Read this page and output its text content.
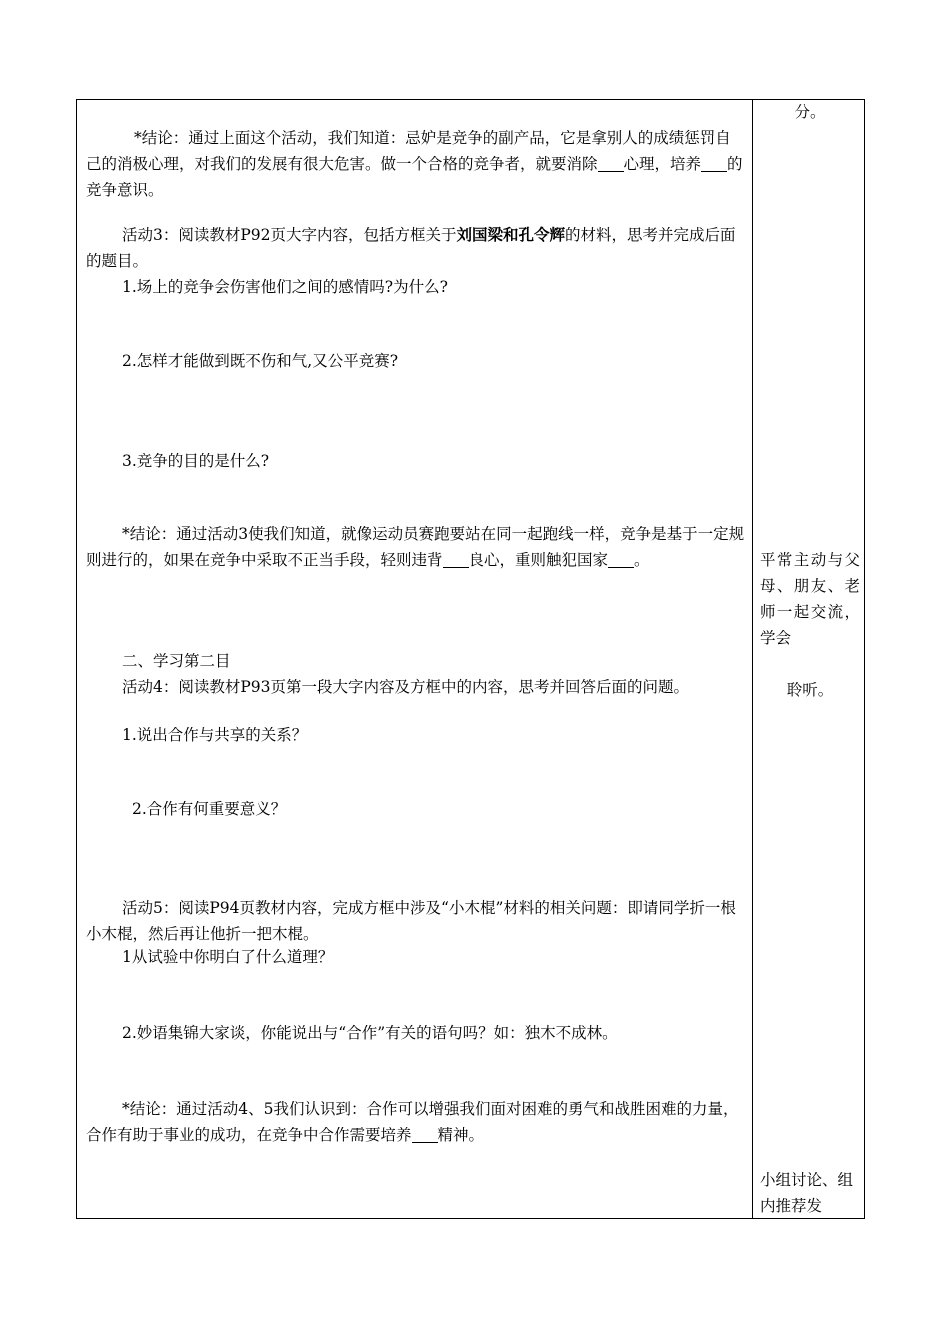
*结论：通过上面这个活动，我们知道：忌妒是竞争的副产品，它是拿别人的成绩惩罚自己的消极心理，对我们的发展有很大危害。做一个合格的竞争者，就要消除 心理，培养 的竞争意识。

活动3：阅读教材P92页大字内容，包括方框关于刘国梁和孔令辉的材料，思考并完成后面的题目。

1.场上的竞争会伤害他们之间的感情吗?为什么?

2.怎样才能做到既不伤和气,又公平竞赛?

3.竞争的目的是什么?

*结论：通过活动3使我们知道，就像运动员赛跑要站在同一起跑线一样，竞争是基于一定规则进行的，如果在竞争中采取不正当手段，轻则违背 良心，重则触犯国家 。

二、学习第二目

活动4：阅读教材P93页第一段大字内容及方框中的内容，思考并回答后面的问题。

1.说出合作与共享的关系？

2.合作有何重要意义？

活动5：阅读P94页教材内容，完成方框中涉及“小木棍”材料的相关问题：即请同学折一根小木棍，然后再让他折一把木棍。

1从试验中你明白了什么道理？

2.妙语集锦大家谈，你能说出与“合作”有关的语句吗？如：独木不成林。

*结论：通过活动4、5我们认识到：合作可以增强我们面对困难的勇气和战胜困难的力量，合作有助于事业的成功，在竞争中合作需要培养 精神。

分。
平常主动与父母、朋友、老师一起交流，学会
聆听。
小组讨论、组内推荐发
